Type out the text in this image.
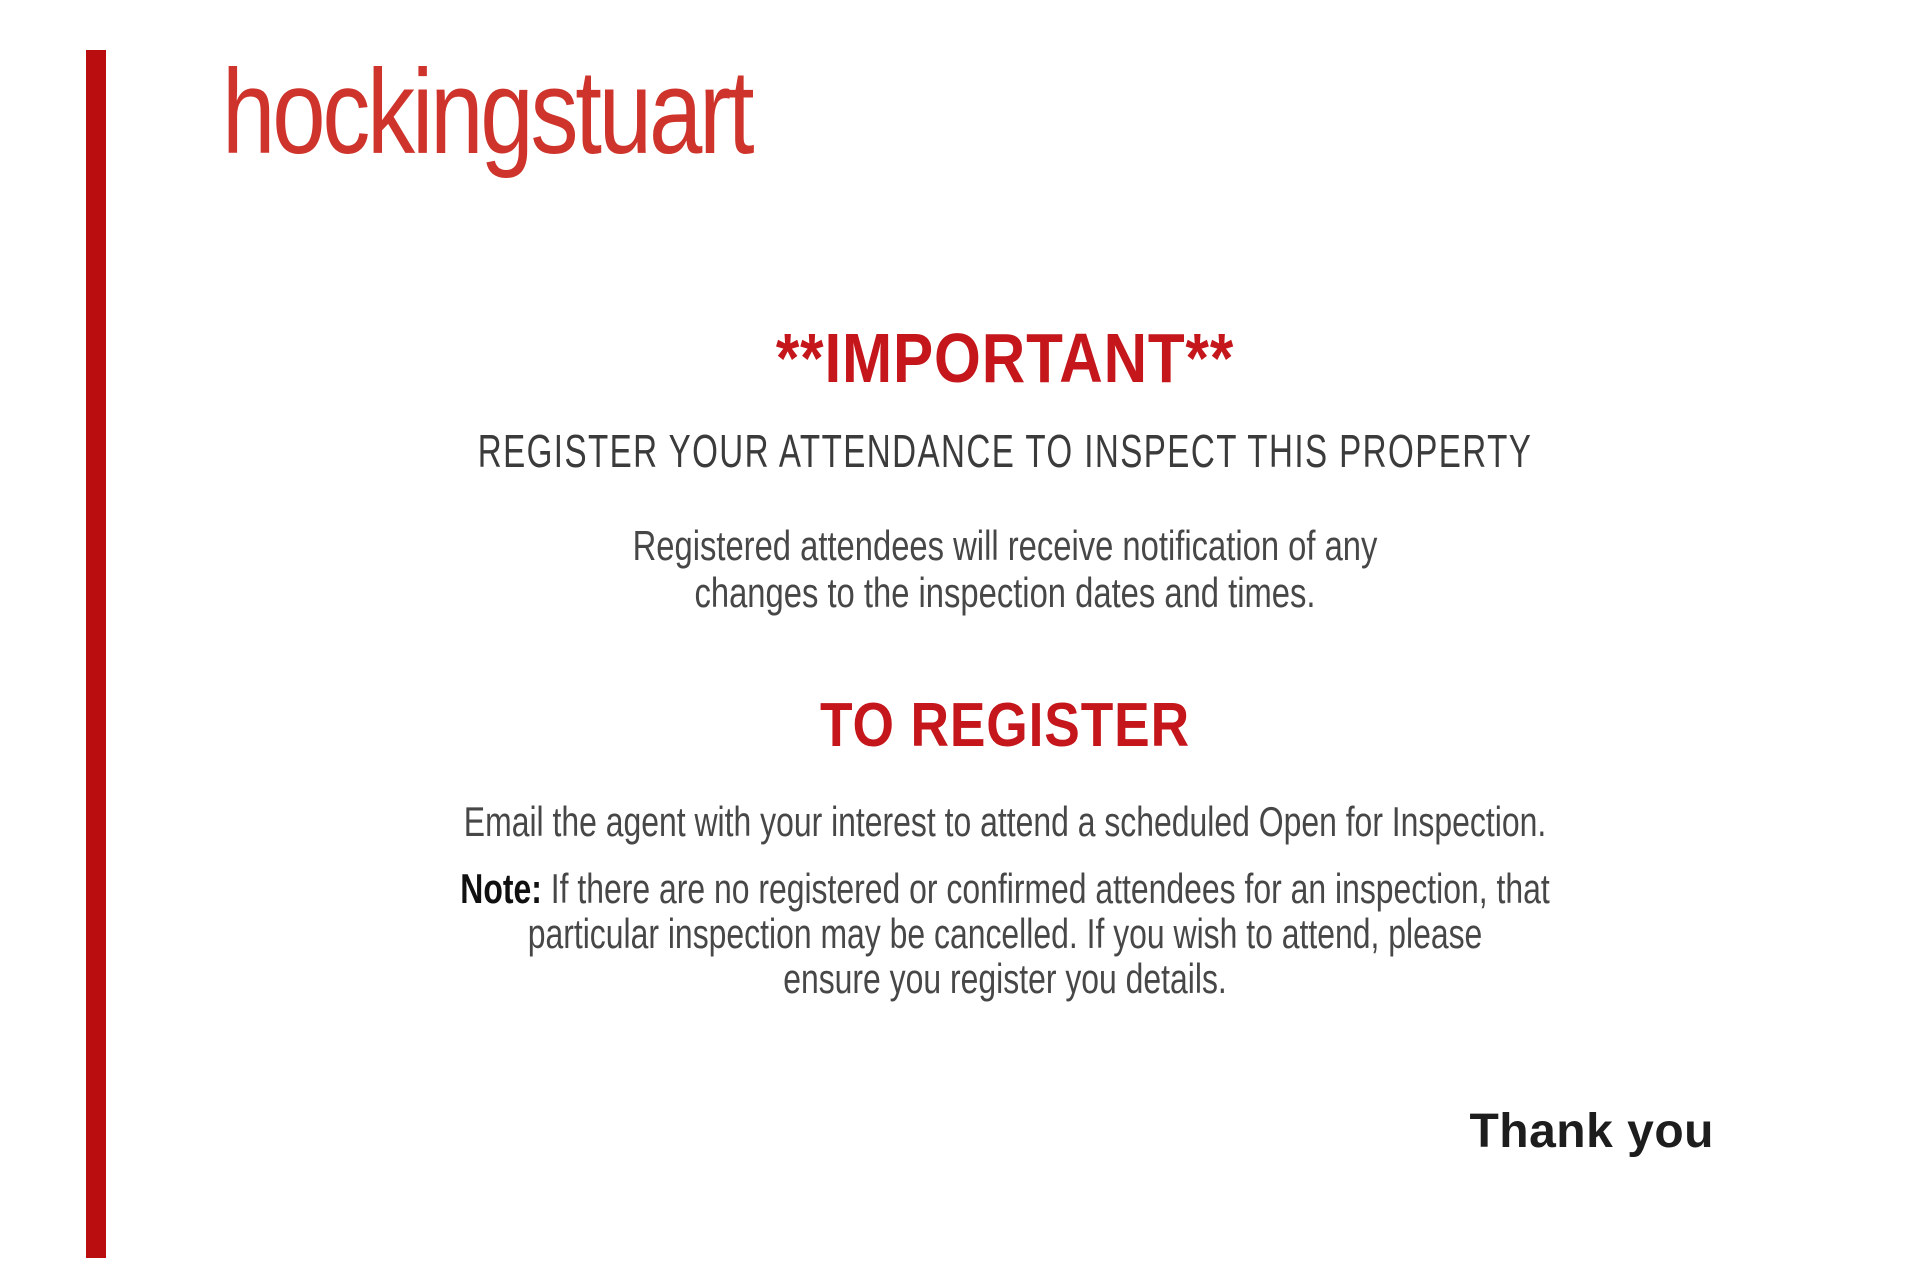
hockingstuart
**IMPORTANT**
REGISTER YOUR ATTENDANCE TO INSPECT THIS PROPERTY
Registered attendees will receive notification of any
changes to the inspection dates and times.
TO REGISTER
Email the agent with your interest to attend a scheduled Open for Inspection.
Note: If there are no registered or confirmed attendees for an inspection, that
particular inspection may be cancelled. If you wish to attend, please
ensure you register you details.
Thank you
